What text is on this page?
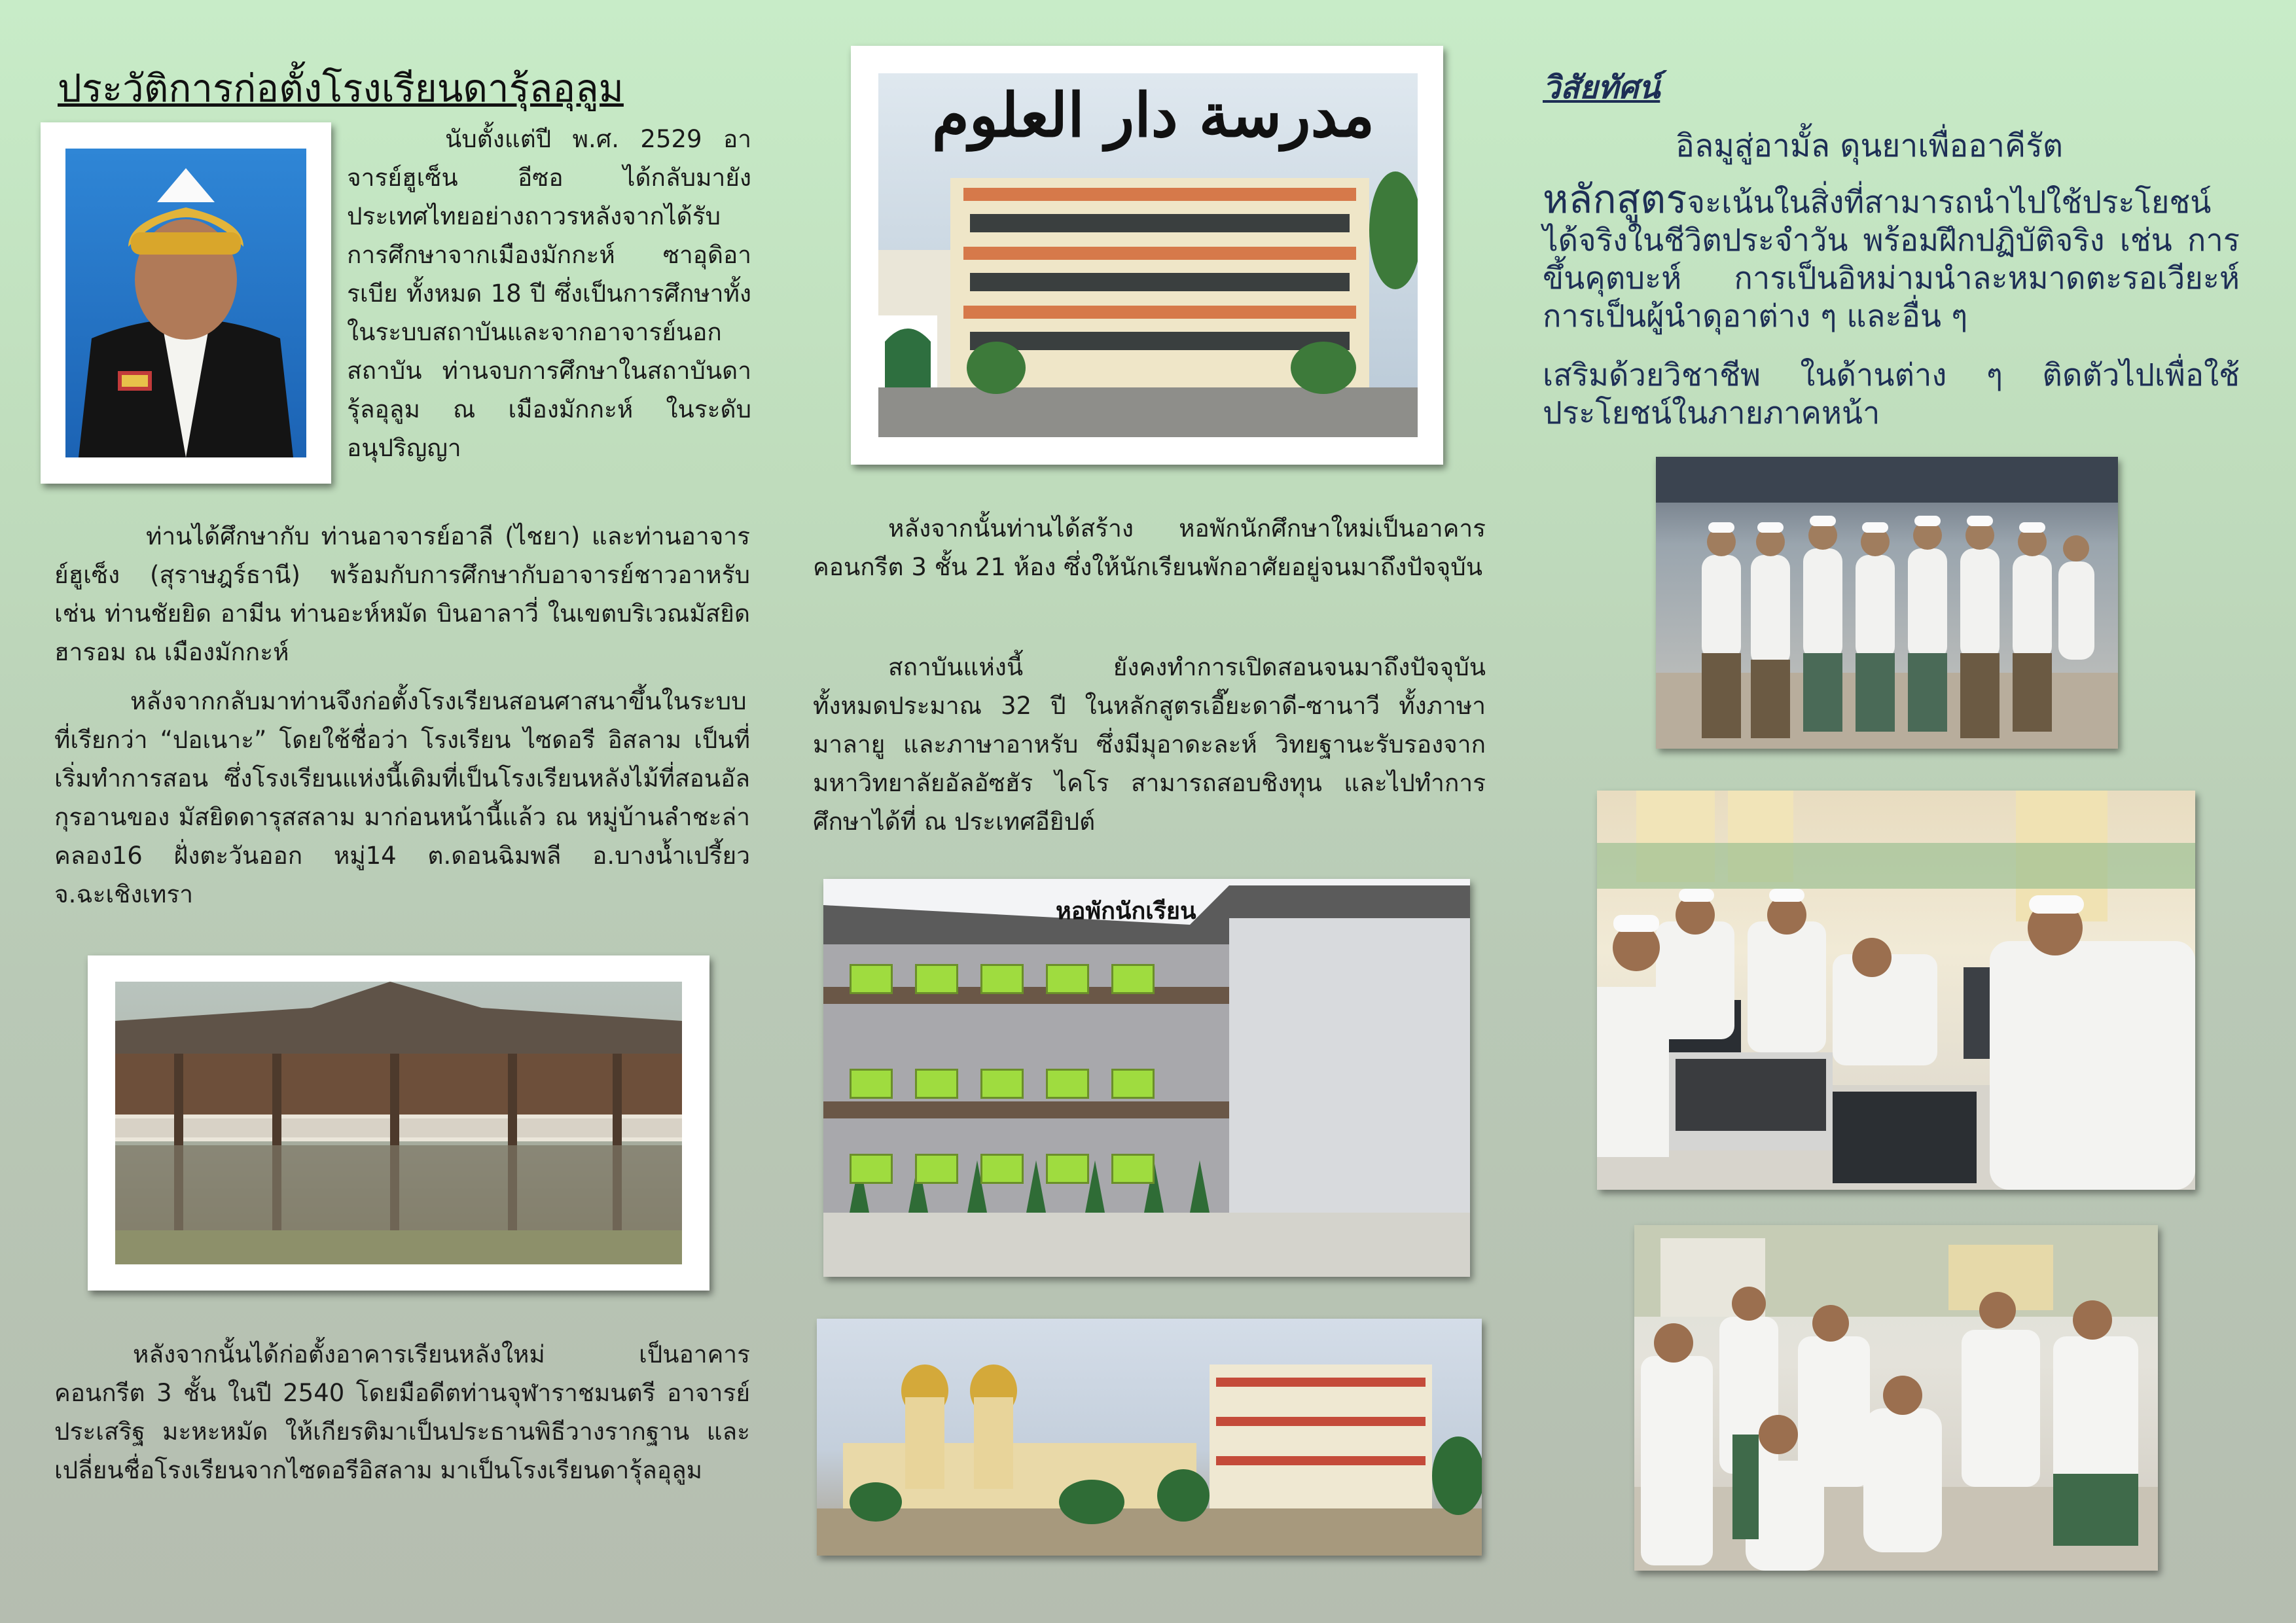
ประวัติการก่อตั้งโรงเรียนดารุ้ลอุลูม
นับตั้งแต่ปี พ.ศ. 2529 อาจารย์ฮูเซ็น อีซอ ได้กลับมายังประเทศไทยอย่างถาวรหลังจากได้รับการศึกษาจากเมืองมักกะห์ ซาอุดิอารเบีย ทั้งหมด 18 ปี ซึ่งเป็นการศึกษาทั้งในระบบสถาบันและจากอาจารย์นอกสถาบัน ท่านจบการศึกษาในสถาบันดารุ้ลอุลูม ณ เมืองมักกะห์ ในระดับ อนุปริญญา
ท่านได้ศึกษากับ ท่านอาจารย์อาลี (ไชยา) และท่านอาจารย์ฮูเซ็ง (สุราษฎร์ธานี) พร้อมกับการศึกษากับอาจารย์ชาวอาหรับ เช่น ท่านชัยยิด อามีน ท่านอะห์หมัด บินอาลาวี่ ในเขตบริเวณมัสยิดฮารอม ณ เมืองมักกะห์
หลังจากกลับมาท่านจึงก่อตั้งโรงเรียนสอนศาสนาขึ้นในระบบที่เรียกว่า “ปอเนาะ” โดยใช้ชื่อว่า โรงเรียน ไซดอรี อิสลาม เป็นที่เริ่มทำการสอน ซึ่งโรงเรียนแห่งนี้เดิมที่เป็นโรงเรียนหลังไม้ที่สอนอัลกุรอานของ มัสยิดดารุสสลาม มาก่อนหน้านี้แล้ว ณ หมู่บ้านลำชะล่า คลอง16 ฝั่งตะวันออก หมู่14 ต.ดอนฉิมพลี อ.บางน้ำเปรี้ยว จ.ฉะเชิงเทรา
หลังจากนั้นได้ก่อตั้งอาคารเรียนหลังใหม่ เป็นอาคารคอนกรีต 3 ชั้น ในปี 2540 โดยมือดีตท่านจุฬาราชมนตรี อาจารย์ประเสริฐ มะหะหมัด ให้เกียรติมาเป็นประธานพิธีวางรากฐาน และเปลี่ยนชื่อโรงเรียนจากไซดอรีอิสลาม มาเป็นโรงเรียนดารุ้ลอุลูม
مدرسة دار العلوم
หลังจากนั้นท่านได้สร้าง หอพักนักศึกษาใหม่เป็นอาคารคอนกรีต 3 ชั้น 21 ห้อง ซึ่งให้นักเรียนพักอาศัยอยู่จนมาถึงปัจจุบัน
สถาบันแห่งนี้ ยังคงทำการเปิดสอนจนมาถึงปัจจุบัน ทั้งหมดประมาณ 32 ปี ในหลักสูตรเอี๊ยะดาดี-ซานาวี ทั้งภาษามาลายู และภาษาอาหรับ ซึ่งมีมุอาดะละห์ วิทยฐานะรับรองจากมหาวิทยาลัยอัลอัซฮัร ไคโร สามารถสอบชิงทุน และไปทำการศึกษาได้ที่ ณ ประเทศอียิปต์
หอพักนักเรียน
วิสัยทัศน์
อิลมูสู่อามั้ล ดุนยาเพื่ออาคีรัต
หลักสูตรจะเน้นในสิ่งที่สามารถนำไปใช้ประโยชน์ได้จริงในชีวิตประจำวัน พร้อมฝึกปฏิบัติจริง เช่น การขึ้นคุตบะห์ การเป็นอิหม่ามนำละหมาดตะรอเวียะห์ การเป็นผู้นำดุอาต่าง ๆ และอื่น ๆ
เสริมด้วยวิชาชีพ ในด้านต่าง ๆ ติดตัวไปเพื่อใช้ประโยชน์ในภายภาคหน้า
